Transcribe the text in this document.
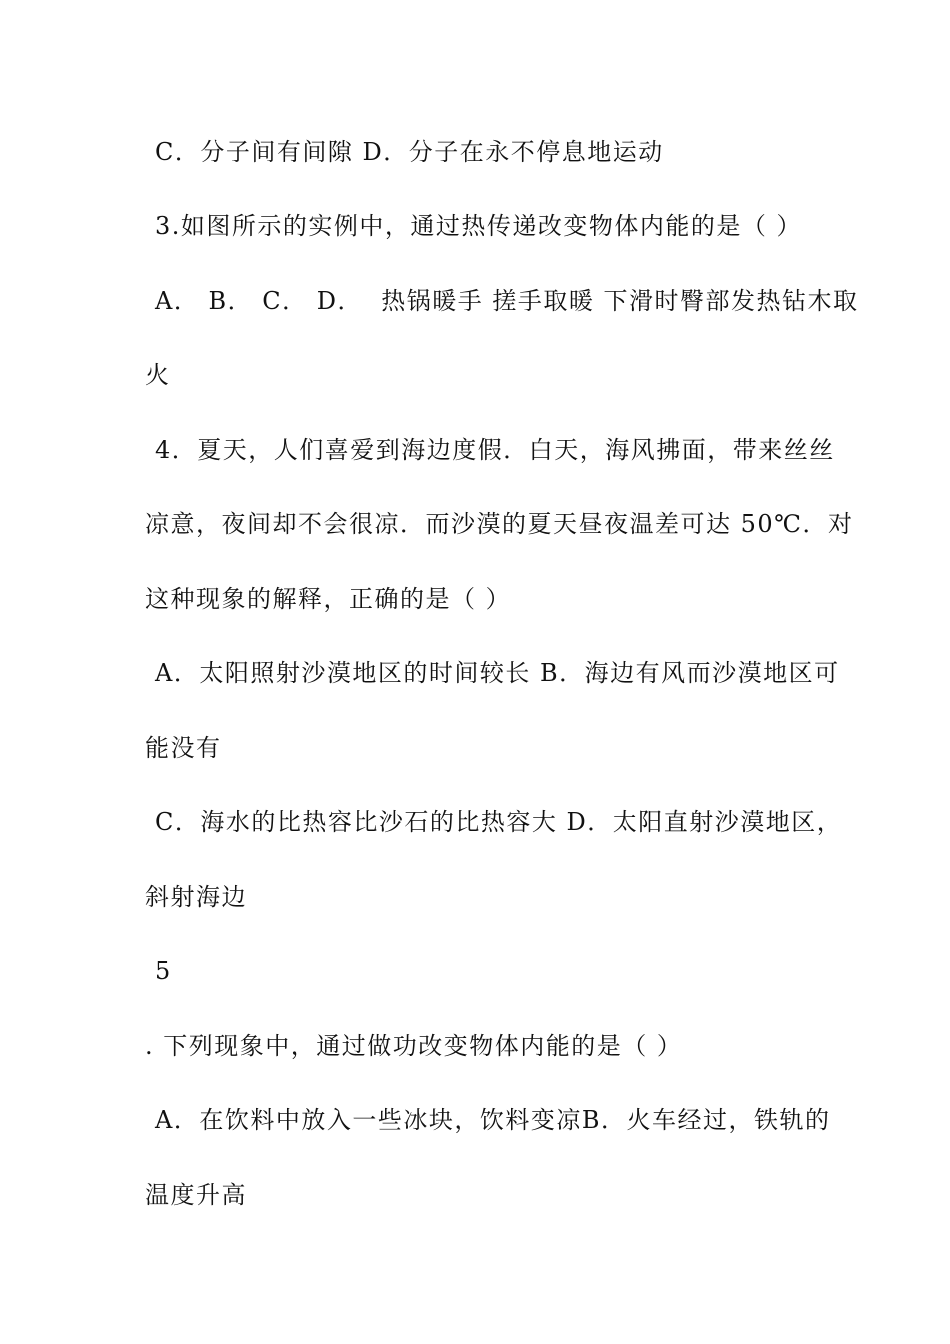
C．分子间有间隙 D．分子在永不停息地运动
3.如图所示的实例中，通过热传递改变物体内能的是（ ）
A． B． C． D．  热锅暖手 搓手取暖 下滑时臀部发热钻木取
火
4．夏天，人们喜爱到海边度假．白天，海风拂面，带来丝丝
凉意，夜间却不会很凉．而沙漠的夏天昼夜温差可达 50℃．对
这种现象的解释，正确的是（ ）
A．太阳照射沙漠地区的时间较长 B．海边有风而沙漠地区可
能没有
C．海水的比热容比沙石的比热容大 D．太阳直射沙漠地区，
斜射海边
5
. 下列现象中，通过做功改变物体内能的是（ ）
A．在饮料中放入一些冰块，饮料变凉B．火车经过，铁轨的
温度升高
